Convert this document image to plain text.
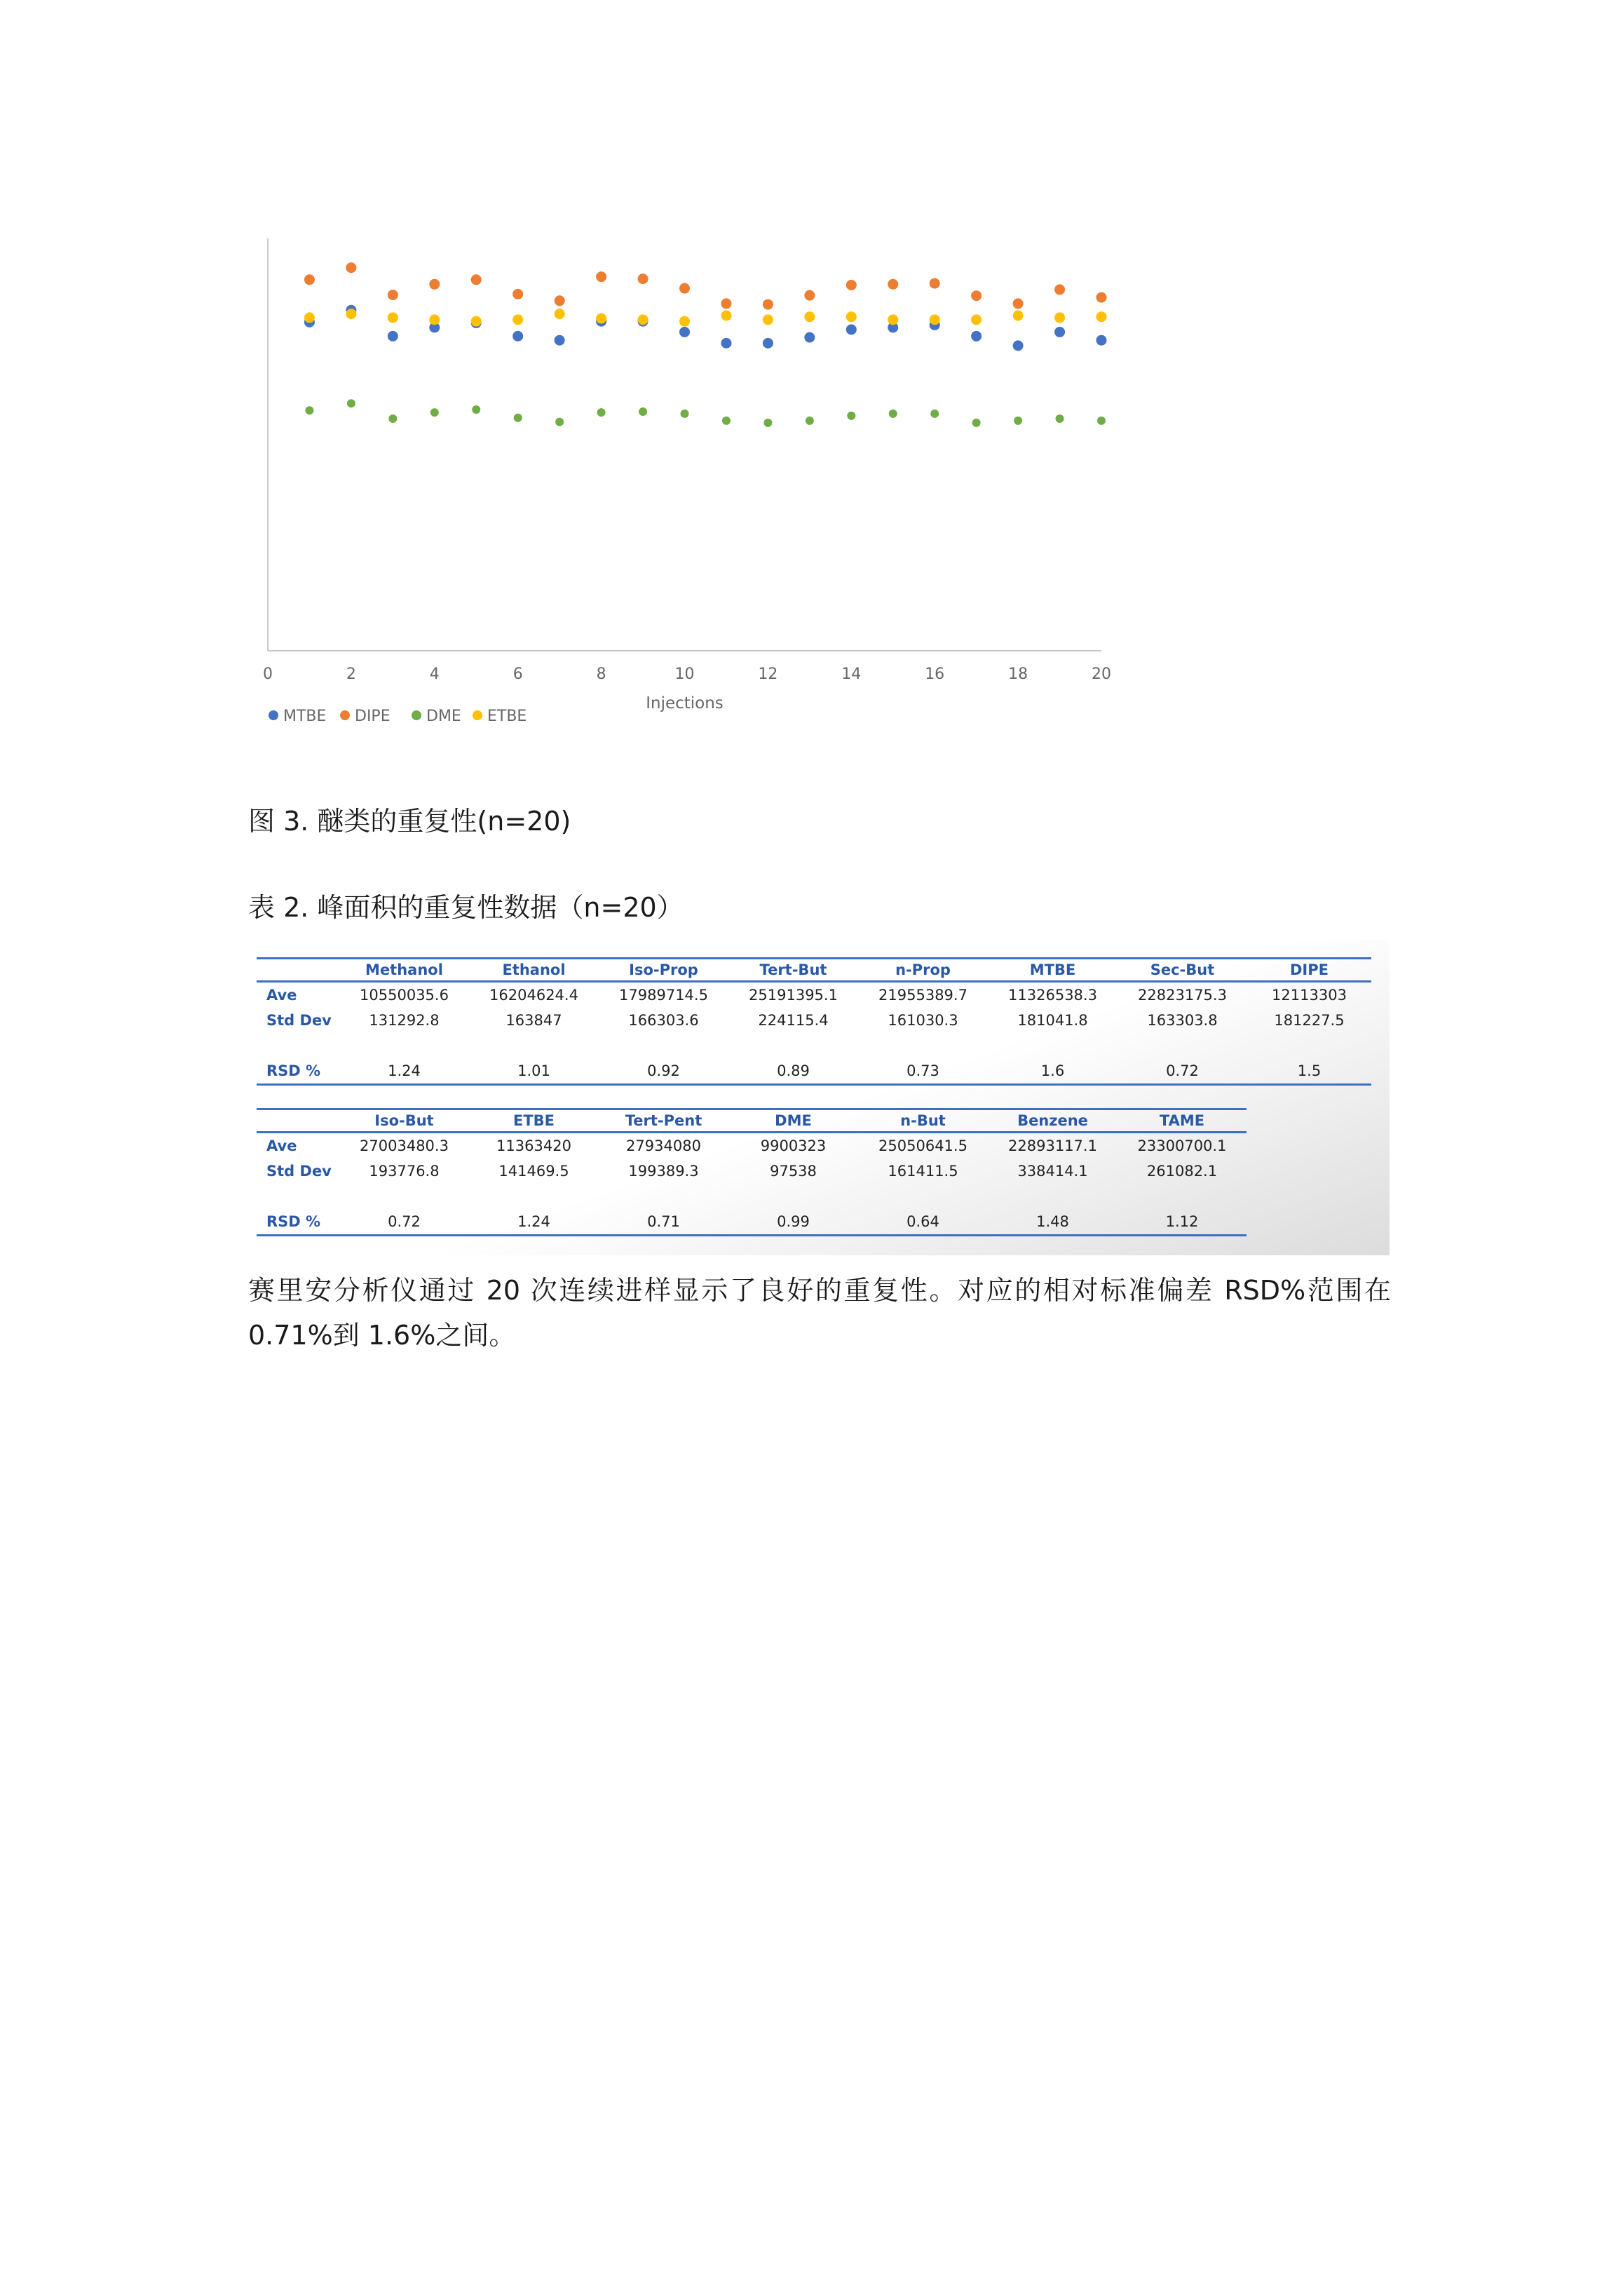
0	2	4	6	8	10	12	14	16	18	20
Injections
MTBE DIPE DME ETBE
图 3. 醚类的重复性(n=20)
表 2. 峰面积的重复性数据（n=20）
	Methanol	Ethanol	Iso-Prop	Tert-But	n-Prop	MTBE	Sec-But	DIPE
Ave	10550035.6	16204624.4	17989714.5	25191395.1	21955389.7	11326538.3	22823175.3	12113303
Std Dev	131292.8	163847	166303.6	224115.4	161030.3	181041.8	163303.8	181227.5

RSD %	1.24	1.01	0.92	0.89	0.73	1.6	0.72	1.5
	Iso-But	ETBE	Tert-Pent	DME	n-But	Benzene	TAME
Ave	27003480.3	11363420	27934080	9900323	25050641.5	22893117.1	23300700.1
Std Dev	193776.8	141469.5	199389.3	97538	161411.5	338414.1	261082.1

RSD %	0.72	1.24	0.71	0.99	0.64	1.48	1.12
赛里安分析仪通过 20 次连续进样显示了良好的重复性。对应的相对标准偏差 RSD%范围在0.71%到 1.6%之间。
